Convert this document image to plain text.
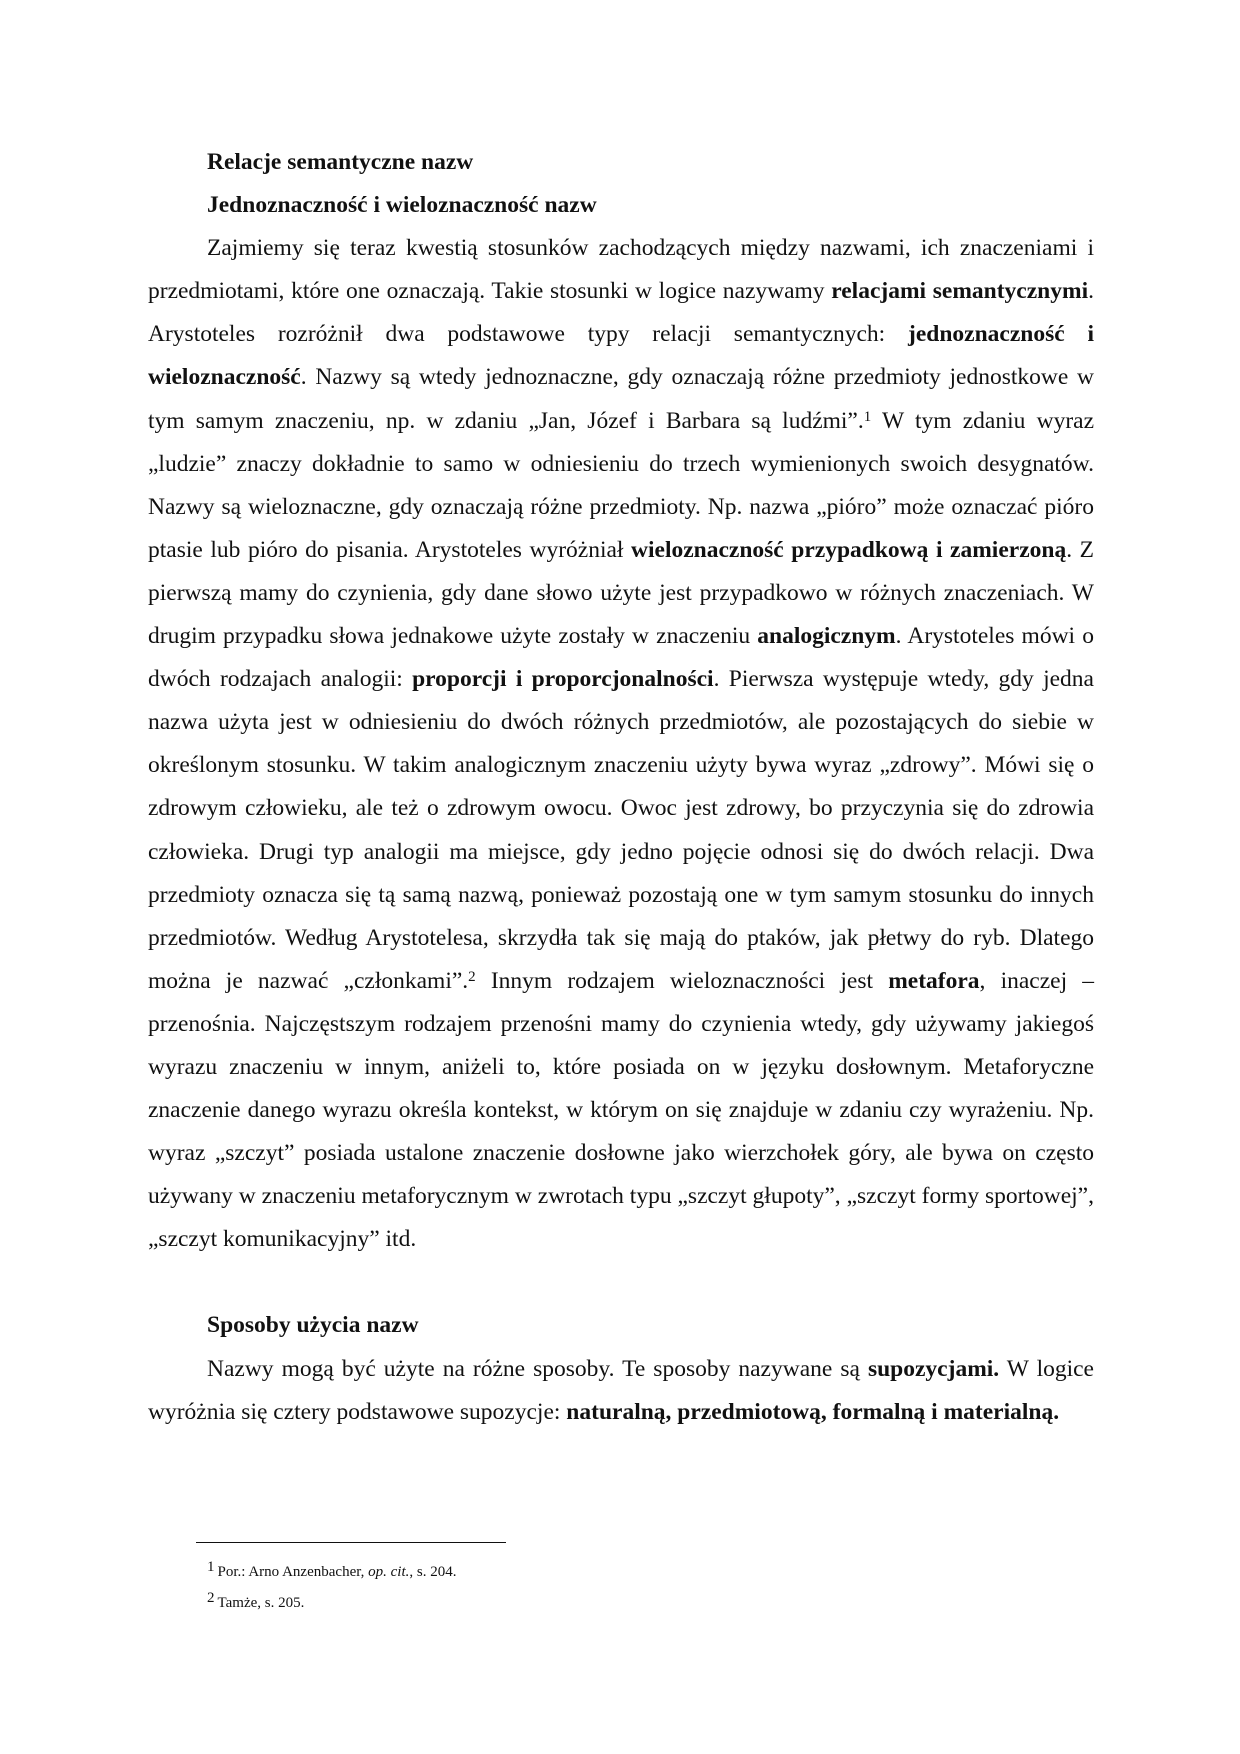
Relacje semantyczne nazw

Jednoznaczność i wieloznaczność nazw

Zajmiemy się teraz kwestią stosunków zachodzących między nazwami, ich znaczeniami i przedmiotami, które one oznaczają. Takie stosunki w logice nazywamy relacjami semantycznymi. Arystoteles rozróżnił dwa podstawowe typy relacji semantycznych: jednoznaczność i wieloznaczność. Nazwy są wtedy jednoznaczne, gdy oznaczają różne przedmioty jednostkowe w tym samym znaczeniu, np. w zdaniu „Jan, Józef i Barbara są ludźmi”.$^1$ W tym zdaniu wyraz „ludzie” znaczy dokładnie to samo w odniesieniu do trzech wymienionych swoich desygnatów. Nazwy są wieloznaczne, gdy oznaczają różne przedmioty. Np. nazwa „pióro” może oznaczać pióro ptasie lub pióro do pisania. Arystoteles wyróżniał wieloznaczność przypadkową i zamierzoną. Z pierwszą mamy do czynienia, gdy dane słowo użyte jest przypadkowo w różnych znaczeniach. W drugim przypadku słowa jednakowe użyte zostały w znaczeniu analogicznym. Arystoteles mówi o dwóch rodzajach analogii: proporcji i proporcjonalności. Pierwsza występuje wtedy, gdy jedna nazwa użyta jest w odniesieniu do dwóch różnych przedmiotów, ale pozostających do siebie w określonym stosunku. W takim analogicznym znaczeniu użyty bywa wyraz „zdrowy”. Mówi się o zdrowym człowieku, ale też o zdrowym owocu. Owoc jest zdrowy, bo przyczynia się do zdrowia człowieka. Drugi typ analogii ma miejsce, gdy jedno pojęcie odnosi się do dwóch relacji. Dwa przedmioty oznacza się tą samą nazwą, ponieważ pozostają one w tym samym stosunku do innych przedmiotów. Według Arystotelesa, skrzydła tak się mają do ptaków, jak płetwy do ryb. Dlatego można je nazwać „członkami”.$^2$ Innym rodzajem wieloznaczności jest metafora, inaczej – przenośnia. Najczęstszym rodzajem przenośni mamy do czynienia wtedy, gdy używamy jakiegoś wyrazu znaczeniu w innym, aniżeli to, które posiada on w języku dosłownym. Metaforyczne znaczenie danego wyrazu określa kontekst, w którym on się znajduje w zdaniu czy wyrażeniu. Np. wyraz „szczyt” posiada ustalone znaczenie dosłowne jako wierzchołek góry, ale bywa on często używany w znaczeniu metaforycznym w zwrotach typu „szczyt głupoty”, „szczyt formy sportowej”, „szczyt komunikacyjny” itd.

Sposoby użycia nazw

Nazwy mogą być użyte na różne sposoby. Te sposoby nazywane są supozycjami. W logice wyróżnia się cztery podstawowe supozycje: naturalną, przedmiotową, formalną i materialną.

1 Por.: Arno Anzenbacher, op. cit., s. 204.
2 Tamże, s. 205.
